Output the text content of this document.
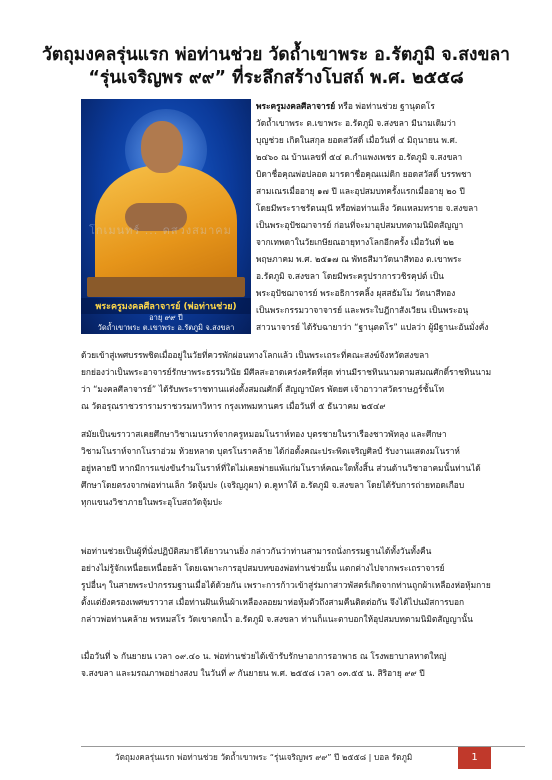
วัตถุมงคลรุ่นแรก พ่อท่านช่วย วัดถ้ำเขาพระ อ.รัตภูมิ จ.สงขลา
“รุ่นเจริญพร ๙๙” ที่ระลึกสร้างโบสถ์ พ.ศ. ๒๕๕๘
โกเมนทร์ ... ดสวงสมาคม
พระครูมงคลศีลาจารย์ (พ่อท่านช่วย)
อายุ ๙๙ ปี
วัดถ้ำเขาพระ ต.เขาพระ อ.รัตภูมิ จ.สงขลา
พระครูมงคลศีลาจารย์ หรือ พ่อท่านช่วย ฐานุตตโร
วัดถ้ำเขาพระ ต.เขาพระ อ.รัตภูมิ จ.สงขลา มีนามเดิมว่า
บุญช่วย เกิดในสกุล ยอดสวัสดิ์ เมื่อวันที่ ๔ มิถุนายน พ.ศ.
๒๔๖๐ ณ บ้านเลขที่ ๕๔ ต.กำแพงเพชร อ.รัตภูมิ จ.สงขลา
บิดาชื่อคุณพ่อปลอด มารดาชื่อคุณแม่ดิก ยอดสวัสดิ์ บรรพชา
สามเณรเมื่ออายุ ๑๗ ปี และอุปสมบทครั้งแรกเมื่ออายุ ๒๐ ปี
โดยมีพระราชรัตนมุนี หรือพ่อท่านเส็ง วัดแหลมทราย จ.สงขลา
เป็นพระอุปัชฌาจารย์ ก่อนที่จะมาอุปสมบทตามนิมิตสัญญา
จากเทพดาในวัยเกษียณอายุทางโลกอีกครั้ง เมื่อวันที่ ๒๒
พฤษภาคม พ.ศ. ๒๕๑๗ ณ พัทธสีมาวัดนาสีทอง ต.เขาพระ
อ.รัตภูมิ จ.สงขลา โดยมีพระครูปราการวชิรคุปต์ เป็น
พระอุปัชฌาจารย์ พระอธิการคลิ้ง ผุสสธัมโม วัดนาสีทอง
เป็นพระกรรมวาจาจารย์ และพระใบฎีกาสังเวียน เป็นพระอนุ
สาวนาจารย์ ได้รับฉายาว่า “ฐานุตตโร” แปลว่า ผู้มีฐานะอันมั่งคั่ง
ด้วยเข้าสู่เพศบรรพชิตเมื่ออยู่ในวัยที่ควรพักผ่อนทางโลกแล้ว เป็นพระเถระที่คณะสงฆ์จังหวัดสงขลา
ยกย่องว่าเป็นพระอาจารย์รักษาพระธรรมวินัย มีศีลสะอาดเคร่งครัดที่สุด ท่านมีราชทินนามตามสมณศักดิ์ราชทินนาม
ว่า “มงคลศีลาจารย์” ได้รับพระราชทานแต่งตั้งสมณศักดิ์ สัญญาบัตร พัดยศ เจ้าอาวาสวัดราษฎร์ชั้นโท
ณ วัดอรุณราชวรารามราชวรมหาวิหาร กรุงเทพมหานคร เมื่อวันที่ ๕ ธันวาคม ๒๕๔๙
สมัยเป็นฆราวาสเคยศึกษาวิชาเมนราห์จากครูหมอมโนราห์ทอง บุตรชายในราเรืองชาวพัทลุง และศึกษา
วิชามโนราห์จากโนราอ่วม ห้วยหลาด บุตรโนราคล้าย ได้ก่อตั้งคณะประพิตเจริญศิลป์ รับงานแสดงมโนราห์
อยู่หลายปี หากมีการแข่งขันรำมโนราห์ที่ใดไม่เคยพ่ายแพ้แก่มโนราห์คณะใดทั้งสิ้น ส่วนด้านวิชาอาคมนั้นท่านได้
ศึกษาโดยตรงจากพ่อท่านเล็ก วัดจุ้มปะ (เจริญภูผา) ต.คูหาใต้ อ.รัตภูมิ จ.สงขลา โดยได้รับการถ่ายทอดเกือบ
ทุกแขนงวิชาภายในพระอุโบสถวัดจุ้มปะ
พ่อท่านช่วยเป็นผู้ที่นั่งปฏิบัติสมาธิได้ยาวนานยิ่ง กล่าวกันว่าท่านสามารถนั่งกรรมฐานได้ทั้งวันทั้งคืน
อย่างไม่รู้จักเหนื่อยเหนื่อยล้า โดยเฉพาะการอุปสมบทของพ่อท่านช่วยนั้น แตกต่างไปจากพระเถราจารย์
รูปอื่นๆ ในสายพระป่ากรรมฐานเมื่อได้ด้วยกัน เพราะการก้าวเข้าสู่ร่มกาสาวพัสตร์เกิดจากท่านถูกผ้าเหลืองห่อหุ้มกาย
ตั้งแต่ยังครองเพศฆราวาส เมื่อท่านฝันเห็นผ้าเหลืองลอยมาห่อหุ้มตัวถึงสามคืนติดต่อกัน จึงได้ไปนมัสการบอก
กล่าวพ่อท่านคล้าย พรหมสโร วัดเขาตกน้ำ อ.รัตภูมิ จ.สงขลา ท่านก็แนะตาบอกให้อุปสมบทตามนิมิตสัญญานั้น
เมื่อวันที่ ๖ กันยายน เวลา ๐๙.๔๐ น. พ่อท่านช่วยได้เข้ารับรักษาอาการอาพาธ ณ โรงพยาบาลหาดใหญ่
จ.สงขลา และมรณภาพอย่างสงบ ในวันที่ ๙ กันยายน พ.ศ. ๒๕๕๘ เวลา ๐๓.๕๕ น. สิริอายุ ๙๙ ปี
วัตถุมงคลรุ่นแรก พ่อท่านช่วย วัดถ้ำเขาพระ “รุ่นเจริญพร ๙๙” ปี ๒๕๕๘ | บอล รัตภูมิ	1
